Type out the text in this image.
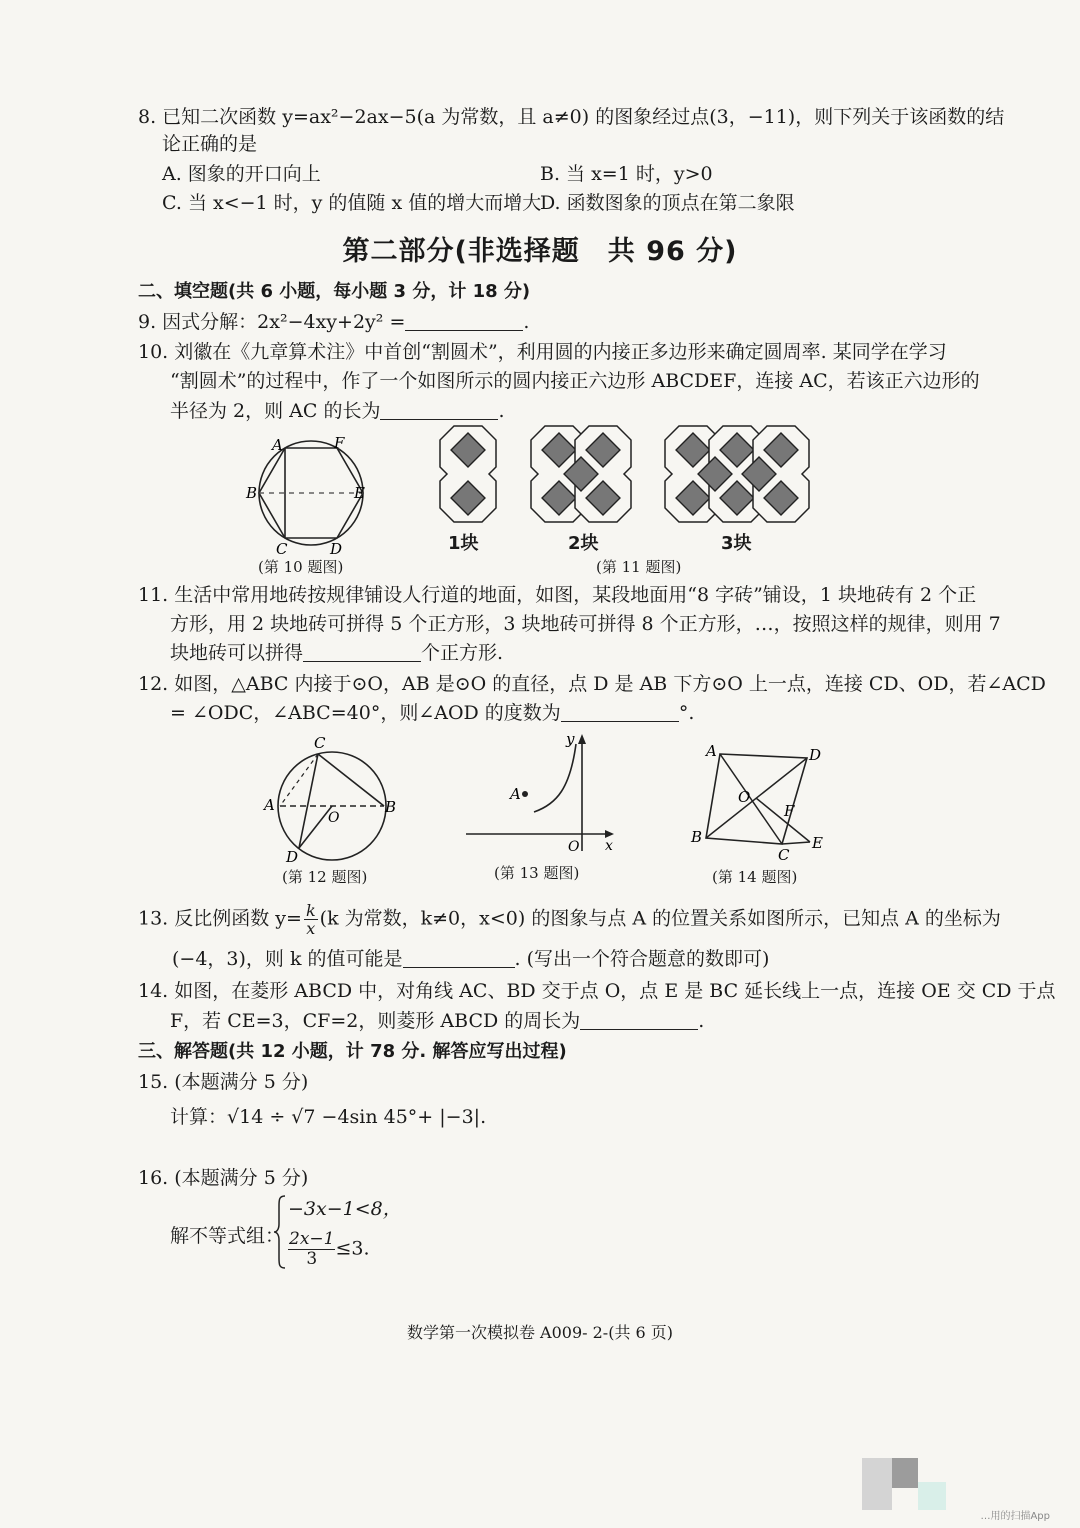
8. 已知二次函数 y=ax²−2ax−5(a 为常数，且 a≠0) 的图象经过点(3，−11)，则下列关于该函数的结
论正确的是
A. 图象的开口向上	B. 当 x=1 时，y>0
C. 当 x<−1 时，y 的值随 x 值的增大而增大
D. 函数图象的顶点在第二象限
第二部分(非选择题　共 96 分)
二、填空题(共 6 小题，每小题 3 分，计 18 分)
9. 因式分解：2x²−4xy+2y² =	.
10. 刘徽在《九章算术注》中首创“割圆术”，利用圆的内接正多边形来确定圆周率. 某同学在学习
“割圆术”的过程中，作了一个如图所示的圆内接正六边形 ABCDEF，连接 AC，若该正六边形的
半径为 2，则 AC 的长为	.
A	F
B	E
C	D
(第 10 题图)
1块	2块	3块
(第 11 题图)
11. 生活中常用地砖按规律铺设人行道的地面，如图，某段地面用“8 字砖”铺设，1 块地砖有 2 个正
方形，用 2 块地砖可拼得 5 个正方形，3 块地砖可拼得 8 个正方形，…，按照这样的规律，则用 7
块地砖可以拼得	个正方形.
12. 如图，△ABC 内接于⊙O，AB 是⊙O 的直径，点 D 是 AB 下方⊙O 上一点，连接 CD、OD，若∠ACD
= ∠ODC，∠ABC=40°，则∠AOD 的度数为	°.
C
A	B
O
D
(第 12 题图)
A
y
x
O
(第 13 题图)
A	D
O
F
B
C
E
(第 14 题图)
13. 反比例函数 $y= \frac{k}{x} (k$ 为常数，k≠0，x<0) 的图象与点 A 的位置关系如图所示，已知点 A 的坐标为
(−4，3)，则 k 的值可能是	. (写出一个符合题意的数即可)
14. 如图，在菱形 ABCD 中，对角线 AC、BD 交于点 O，点 E 是 BC 延长线上一点，连接 OE 交 CD 于点
F，若 CE=3，CF=2，则菱形 ABCD 的周长为	.
三、解答题(共 12 小题，计 78 分. 解答应写出过程)
15. (本题满分 5 分)
计算：√14 ÷ √7 −4sin 45°+ |−3|.
16. (本题满分 5 分)
解不等式组：
−3x−1<8，
$\frac{2x-1}{3} \le 3$.
数学第一次模拟卷 A009- 2-(共 6 页)
…用的扫描App
